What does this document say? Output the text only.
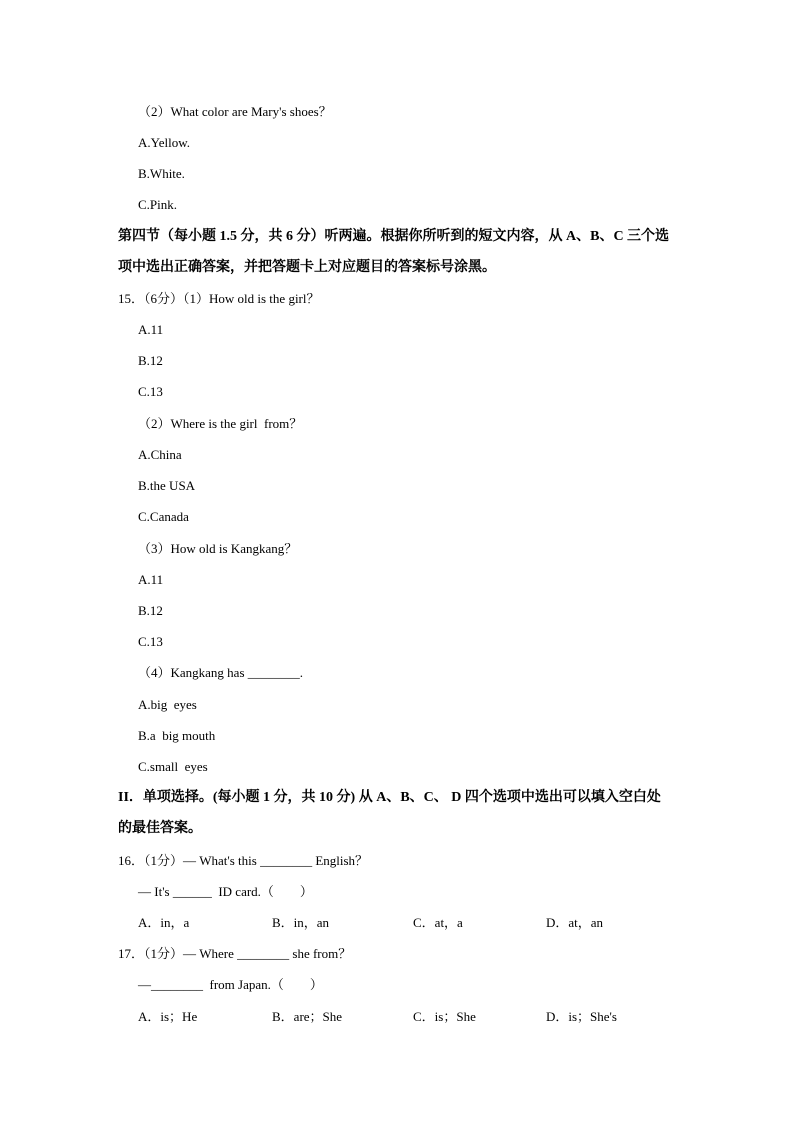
（2）What color are Mary's shoes？
A.Yellow.
B.White.
C.Pink.
第四节（每小题 1.5 分，共 6 分）听两遍。根据你所听到的短文内容，从 A、B、C 三个选
项中选出正确答案，并把答题卡上对应题目的答案标号涂黑。
15．（6分）（1）How old is the girl？
A.11
B.12
C.13
（2）Where is the girl  from？
A.China
B.the USA
C.Canada
（3）How old is Kangkang？
A.11
B.12
C.13
（4）Kangkang has ________.
A.big  eyes
B.a  big mouth
C.small  eyes
II．单项选择。(每小题 1 分，共 10 分) 从 A、B、C、 D 四个选项中选出可以填入空白处
的最佳答案。
16．（1分）— What's this ________ English？
— It's ______  ID card.（　　）
A．in，a	B．in，an	C．at，a	D．at，an
17．（1分）— Where ________ she from？
—________  from Japan.（　　）
A．is；He	B．are；She	C．is；She	D．is；She's
